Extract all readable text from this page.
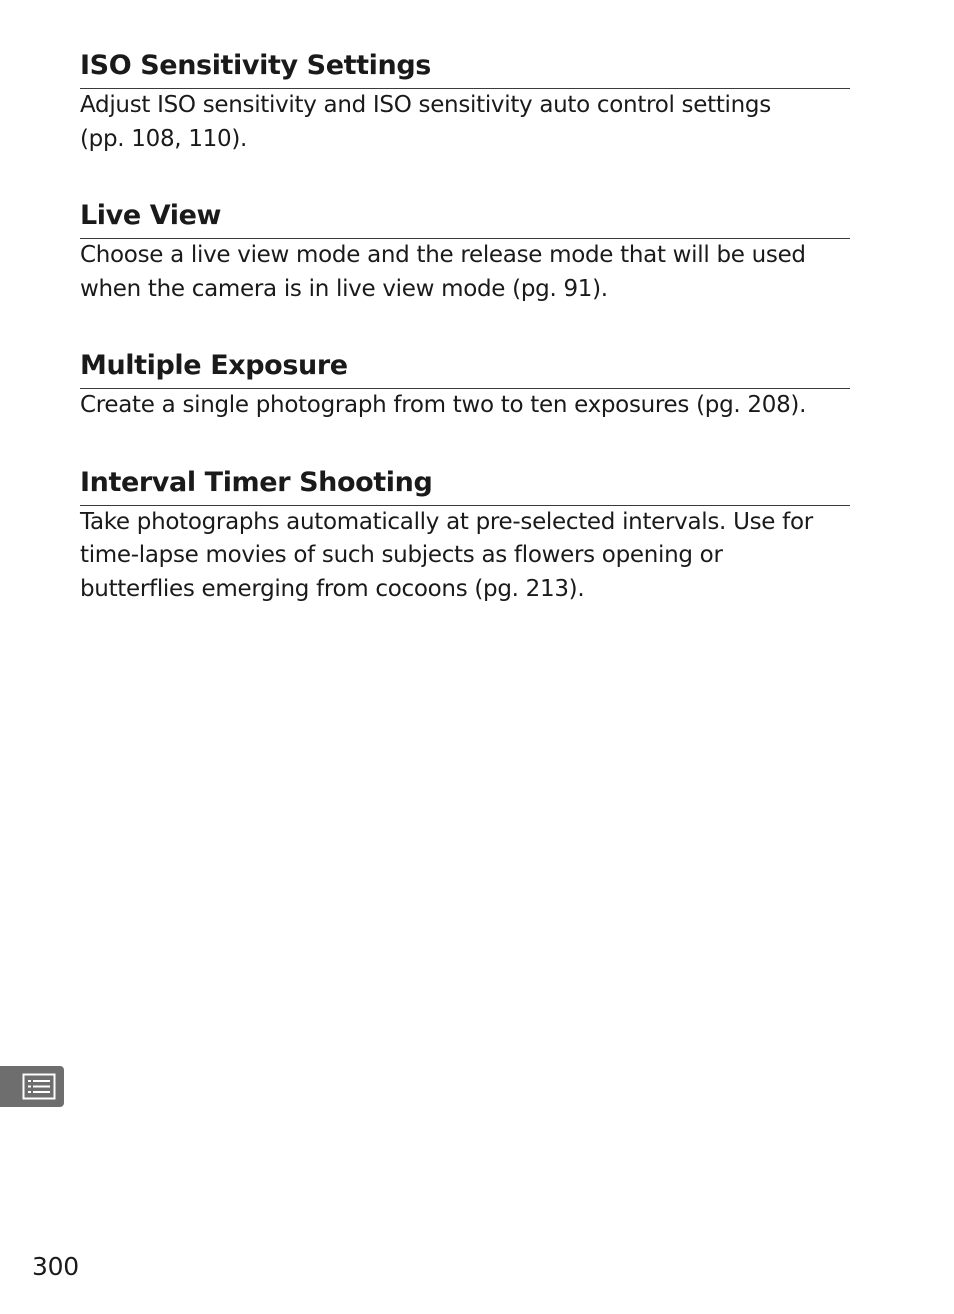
ISO Sensitivity Settings

Adjust ISO sensitivity and ISO sensitivity auto control settings
(pp. 108, 110).

Live View

Choose a live view mode and the release mode that will be used
when the camera is in live view mode (pg. 91).

Multiple Exposure

Create a single photograph from two to ten exposures (pg. 208).

Interval Timer Shooting

Take photographs automatically at pre-selected intervals. Use for
time-lapse movies of such subjects as flowers opening or
butterflies emerging from cocoons (pg. 213).

300
